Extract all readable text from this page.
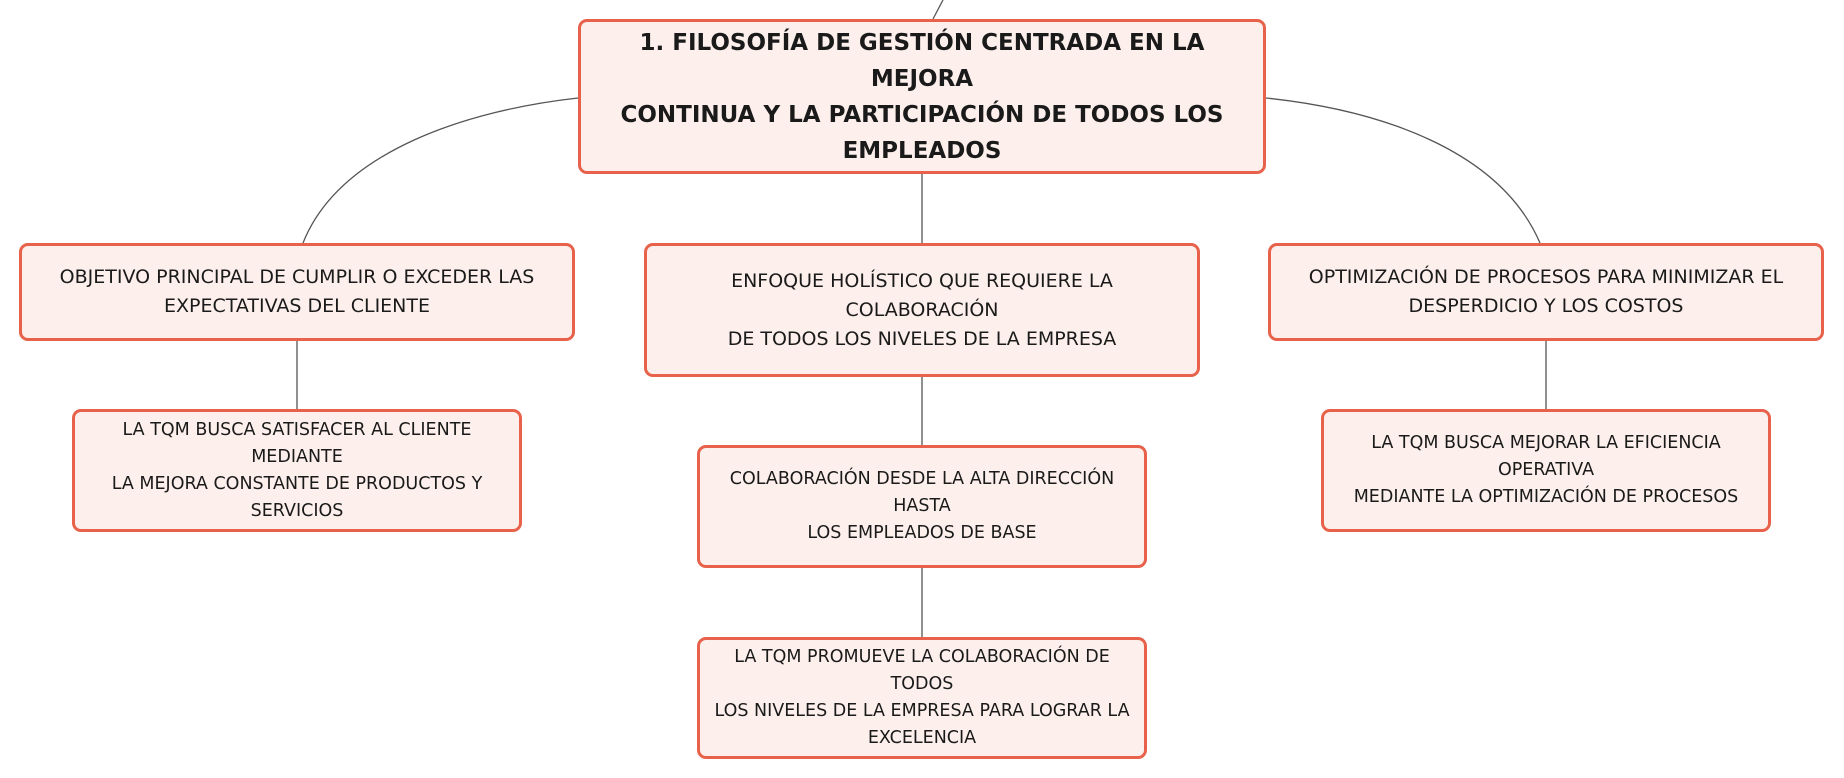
1. FILOSOFÍA DE GESTIÓN CENTRADA EN LA MEJORA
CONTINUA Y LA PARTICIPACIÓN DE TODOS LOS
EMPLEADOS
OBJETIVO PRINCIPAL DE CUMPLIR O EXCEDER LAS
EXPECTATIVAS DEL CLIENTE
ENFOQUE HOLÍSTICO QUE REQUIERE LA COLABORACIÓN
DE TODOS LOS NIVELES DE LA EMPRESA
OPTIMIZACIÓN DE PROCESOS PARA MINIMIZAR EL
DESPERDICIO Y LOS COSTOS
LA TQM BUSCA SATISFACER AL CLIENTE MEDIANTE
LA MEJORA CONSTANTE DE PRODUCTOS Y
SERVICIOS
COLABORACIÓN DESDE LA ALTA DIRECCIÓN HASTA
LOS EMPLEADOS DE BASE
LA TQM PROMUEVE LA COLABORACIÓN DE TODOS
LOS NIVELES DE LA EMPRESA PARA LOGRAR LA
EXCELENCIA
LA TQM BUSCA MEJORAR LA EFICIENCIA OPERATIVA
MEDIANTE LA OPTIMIZACIÓN DE PROCESOS
